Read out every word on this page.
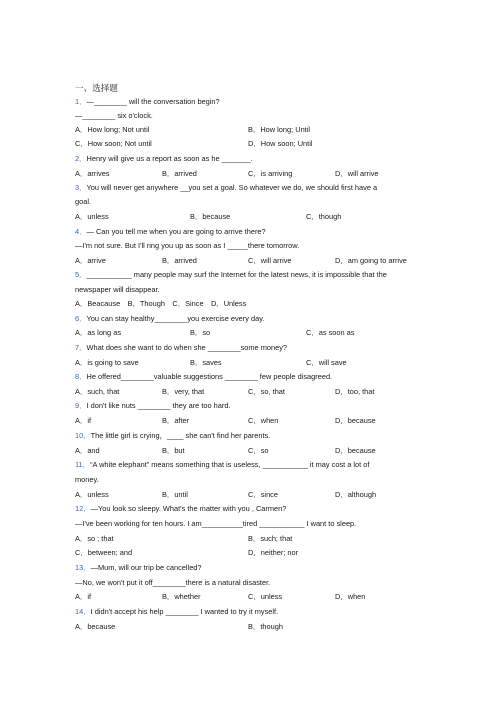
一、选择题
1．—________ will the conversation begin?
—________ six o'clock.
A．How long; Not until	B．How long; Until
C．How soon; Not until	D．How soon; Until
2．Henry will give us a report as soon as he _______.
A．arrives	B．arrived	C．is arriving	D．will arrive
3．You will never get anywhere __you set a goal. So whatever we do, we should first have a
goal.
A．unless	B．because	C．though
4．— Can you tell me when you are going to arrive there?
—I'm not sure. But I'll ring you up as soon as I _____there tomorrow.
A．arrive	B．arrived	C．will arrive	D．am going to arrive
5．___________ many people may surf the Internet for the latest news, it is impossible that the
newspaper will disappear.
A．Beacause　B．Though　C．Since　D．Unless
6．You can stay healthy________you exercise every day.
A．as long as	B．so	C．as soon as
7．What does she want to do when she ________some money?
A．is going to save	B．saves	C．will save
8．He offered________valuable suggestions ________ few people disagreed.
A．such, that	B．very, that	C．so, that	D．too, that
9．I don't like nuts ________ they are too hard.
A．if	B．after	C．when	D．because
10．The little girl is crying，____ she can't find her parents.
A．and	B．but	C．so	D．because
11．“A white elephant” means something that is useless, ___________ it may cost a lot of
money.
A．unless	B．until	C．since	D．although
12．—You look so sleepy. What's the matter with you , Carmen?
—I've been working for ten hours. I am__________tired ___________ I want to sleep.
A．so ; that	B．such; that
C．between; and	D．neither; nor
13．—Mum, will our trip be cancelled?
—No, we won't put it off________there is a natural disaster.
A．if	B．whether	C．unless	D．when
14．I didn't accept his help ________ I wanted to try it myself.
A．because	B．though
